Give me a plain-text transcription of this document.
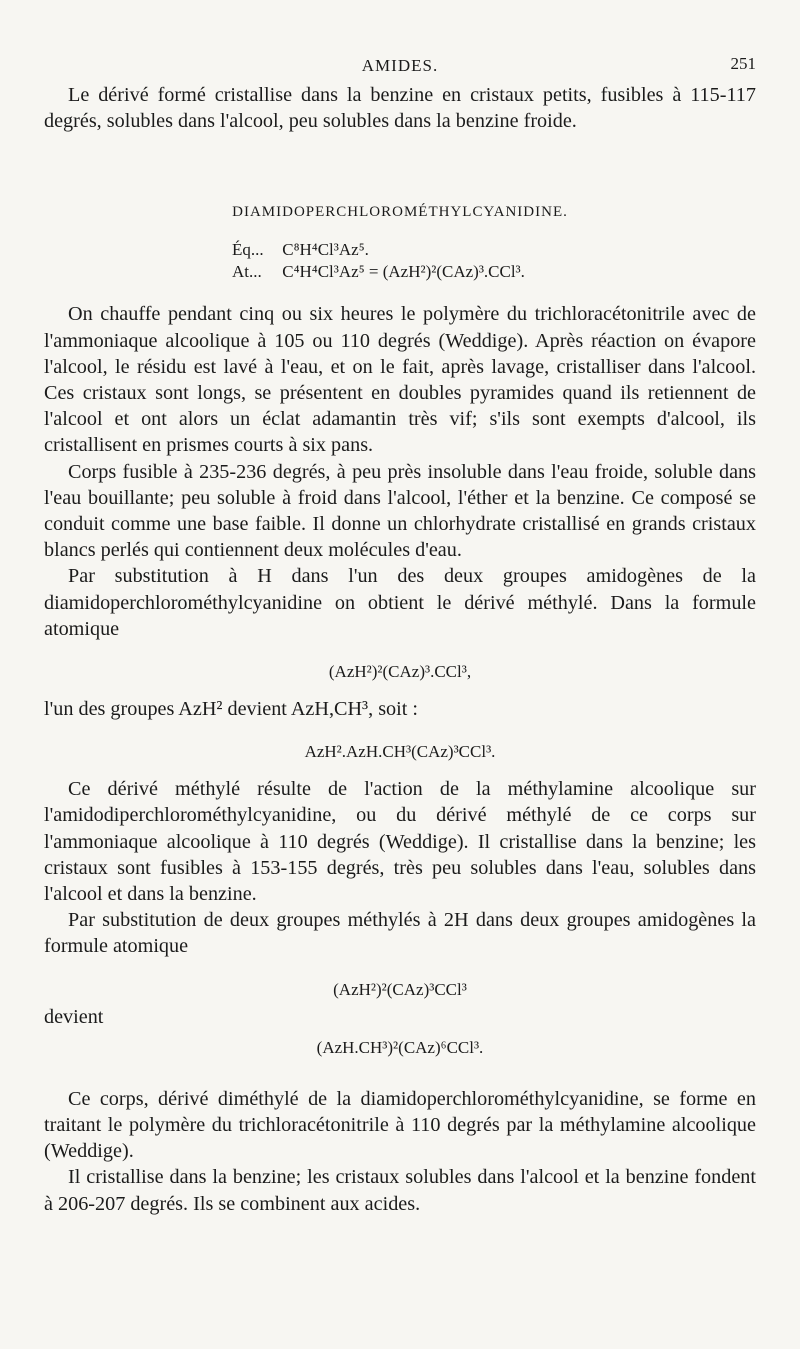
AMIDES.	251

Le dérivé formé cristallise dans la benzine en cristaux petits, fusibles à 115-117 degrés, solubles dans l'alcool, peu solubles dans la benzine froide.

DIAMIDOPERCHLOROMÉTHYLCYANIDINE.
Éq... C⁸H⁴Cl³Az⁵.
At... C⁴H⁴Cl³Az⁵ = (AzH²)²(CAz)³.CCl³.

On chauffe pendant cinq ou six heures le polymère du trichloracétonitrile avec de l'ammoniaque alcoolique à 105 ou 110 degrés (Weddige). Après réaction on évapore l'alcool, le résidu est lavé à l'eau, et on le fait, après lavage, cristalliser dans l'alcool. Ces cristaux sont longs, se présentent en doubles pyramides quand ils retiennent de l'alcool et ont alors un éclat adamantin très vif; s'ils sont exempts d'alcool, ils cristallisent en prismes courts à six pans.

Corps fusible à 235-236 degrés, à peu près insoluble dans l'eau froide, soluble dans l'eau bouillante; peu soluble à froid dans l'alcool, l'éther et la benzine. Ce composé se conduit comme une base faible. Il donne un chlorhydrate cristallisé en grands cristaux blancs perlés qui contiennent deux molécules d'eau.

Par substitution à H dans l'un des deux groupes amidogènes de la diamidoperchlorométhylcyanidine on obtient le dérivé méthylé. Dans la formule atomique

(AzH²)²(CAz)³.CCl³,

l'un des groupes AzH² devient AzH,CH³, soit :

AzH².AzH.CH³(CAz)³CCl³.

Ce dérivé méthylé résulte de l'action de la méthylamine alcoolique sur l'amidodiperchlorométhylcyanidine, ou du dérivé méthylé de ce corps sur l'ammoniaque alcoolique à 110 degrés (Weddige). Il cristallise dans la benzine; les cristaux sont fusibles à 153-155 degrés, très peu solubles dans l'eau, solubles dans l'alcool et dans la benzine.

Par substitution de deux groupes méthylés à 2H dans deux groupes amidogènes la formule atomique

(AzH²)²(CAz)³CCl³

devient

(AzH.CH³)²(CAz)⁶CCl³.

Ce corps, dérivé diméthylé de la diamidoperchlorométhylcyanidine, se forme en traitant le polymère du trichloracétonitrile à 110 degrés par la méthylamine alcoolique (Weddige).

Il cristallise dans la benzine; les cristaux solubles dans l'alcool et la benzine fondent à 206-207 degrés. Ils se combinent aux acides.
